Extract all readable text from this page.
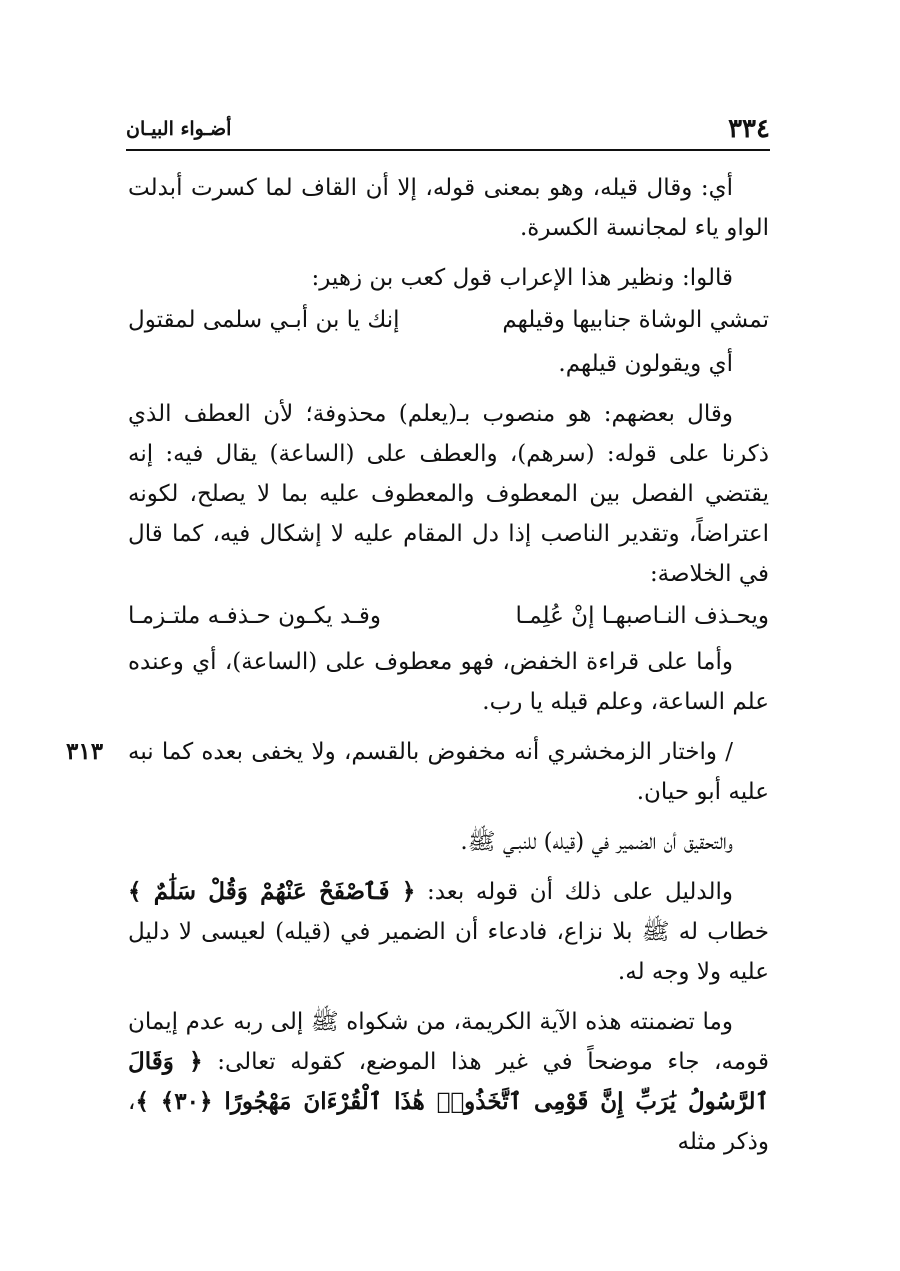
٣٣٤
أضـواء البيـان

أي: وقال قيله، وهو بمعنى قوله، إلا أن القاف لما كسرت أبدلت الواو ياء لمجانسة الكسرة.

قالوا: ونظير هذا الإعراب قول كعب بن زهير:

تمشي الوشاة جنابيها وقيلهم
إنك يا بن أبـي سلمى لمقتول

أي ويقولون قيلهم.

وقال بعضهم: هو منصوب بـ(يعلم) محذوفة؛ لأن العطف الذي ذكرنا على قوله: (سرهم)، والعطف على (الساعة) يقال فيه: إنه يقتضي الفصل بين المعطوف والمعطوف عليه بما لا يصلح، لكونه اعتراضاً، وتقدير الناصب إذا دل المقام عليه لا إشكال فيه، كما قال في الخلاصة:

ويحـذف النـاصبهـا إنْ عُلِمـا
وقـد يكـون حـذفـه ملتـزمـا

وأما على قراءة الخفض، فهو معطوف على (الساعة)، أي وعنده علم الساعة، وعلم قيله يا رب.

/ واختار الزمخشري أنه مخفوض بالقسم، ولا يخفى بعده كما نبه عليه أبو حيان.

٣١٣

والتحقيق أن الضمير في (قيله) للنبـي ﷺ.

والدليل على ذلك أن قوله بعد: ﴿ فَٱصْفَحْ عَنْهُمْ وَقُلْ سَلَٰمٌ ﴾ خطاب له ﷺ بلا نزاع، فادعاء أن الضمير في (قيله) لعيسى لا دليل عليه ولا وجه له.

وما تضمنته هذه الآية الكريمة، من شكواه ﷺ إلى ربه عدم إيمان قومه، جاء موضحاً في غير هذا الموضع، كقوله تعالى: ﴿ وَقَالَ ٱلرَّسُولُ يَٰرَبِّ إِنَّ قَوْمِى ٱتَّخَذُوا۟ هَٰذَا ٱلْقُرْءَانَ مَهْجُورًا ﴿٣٠﴾ ﴾، وذكر مثله
